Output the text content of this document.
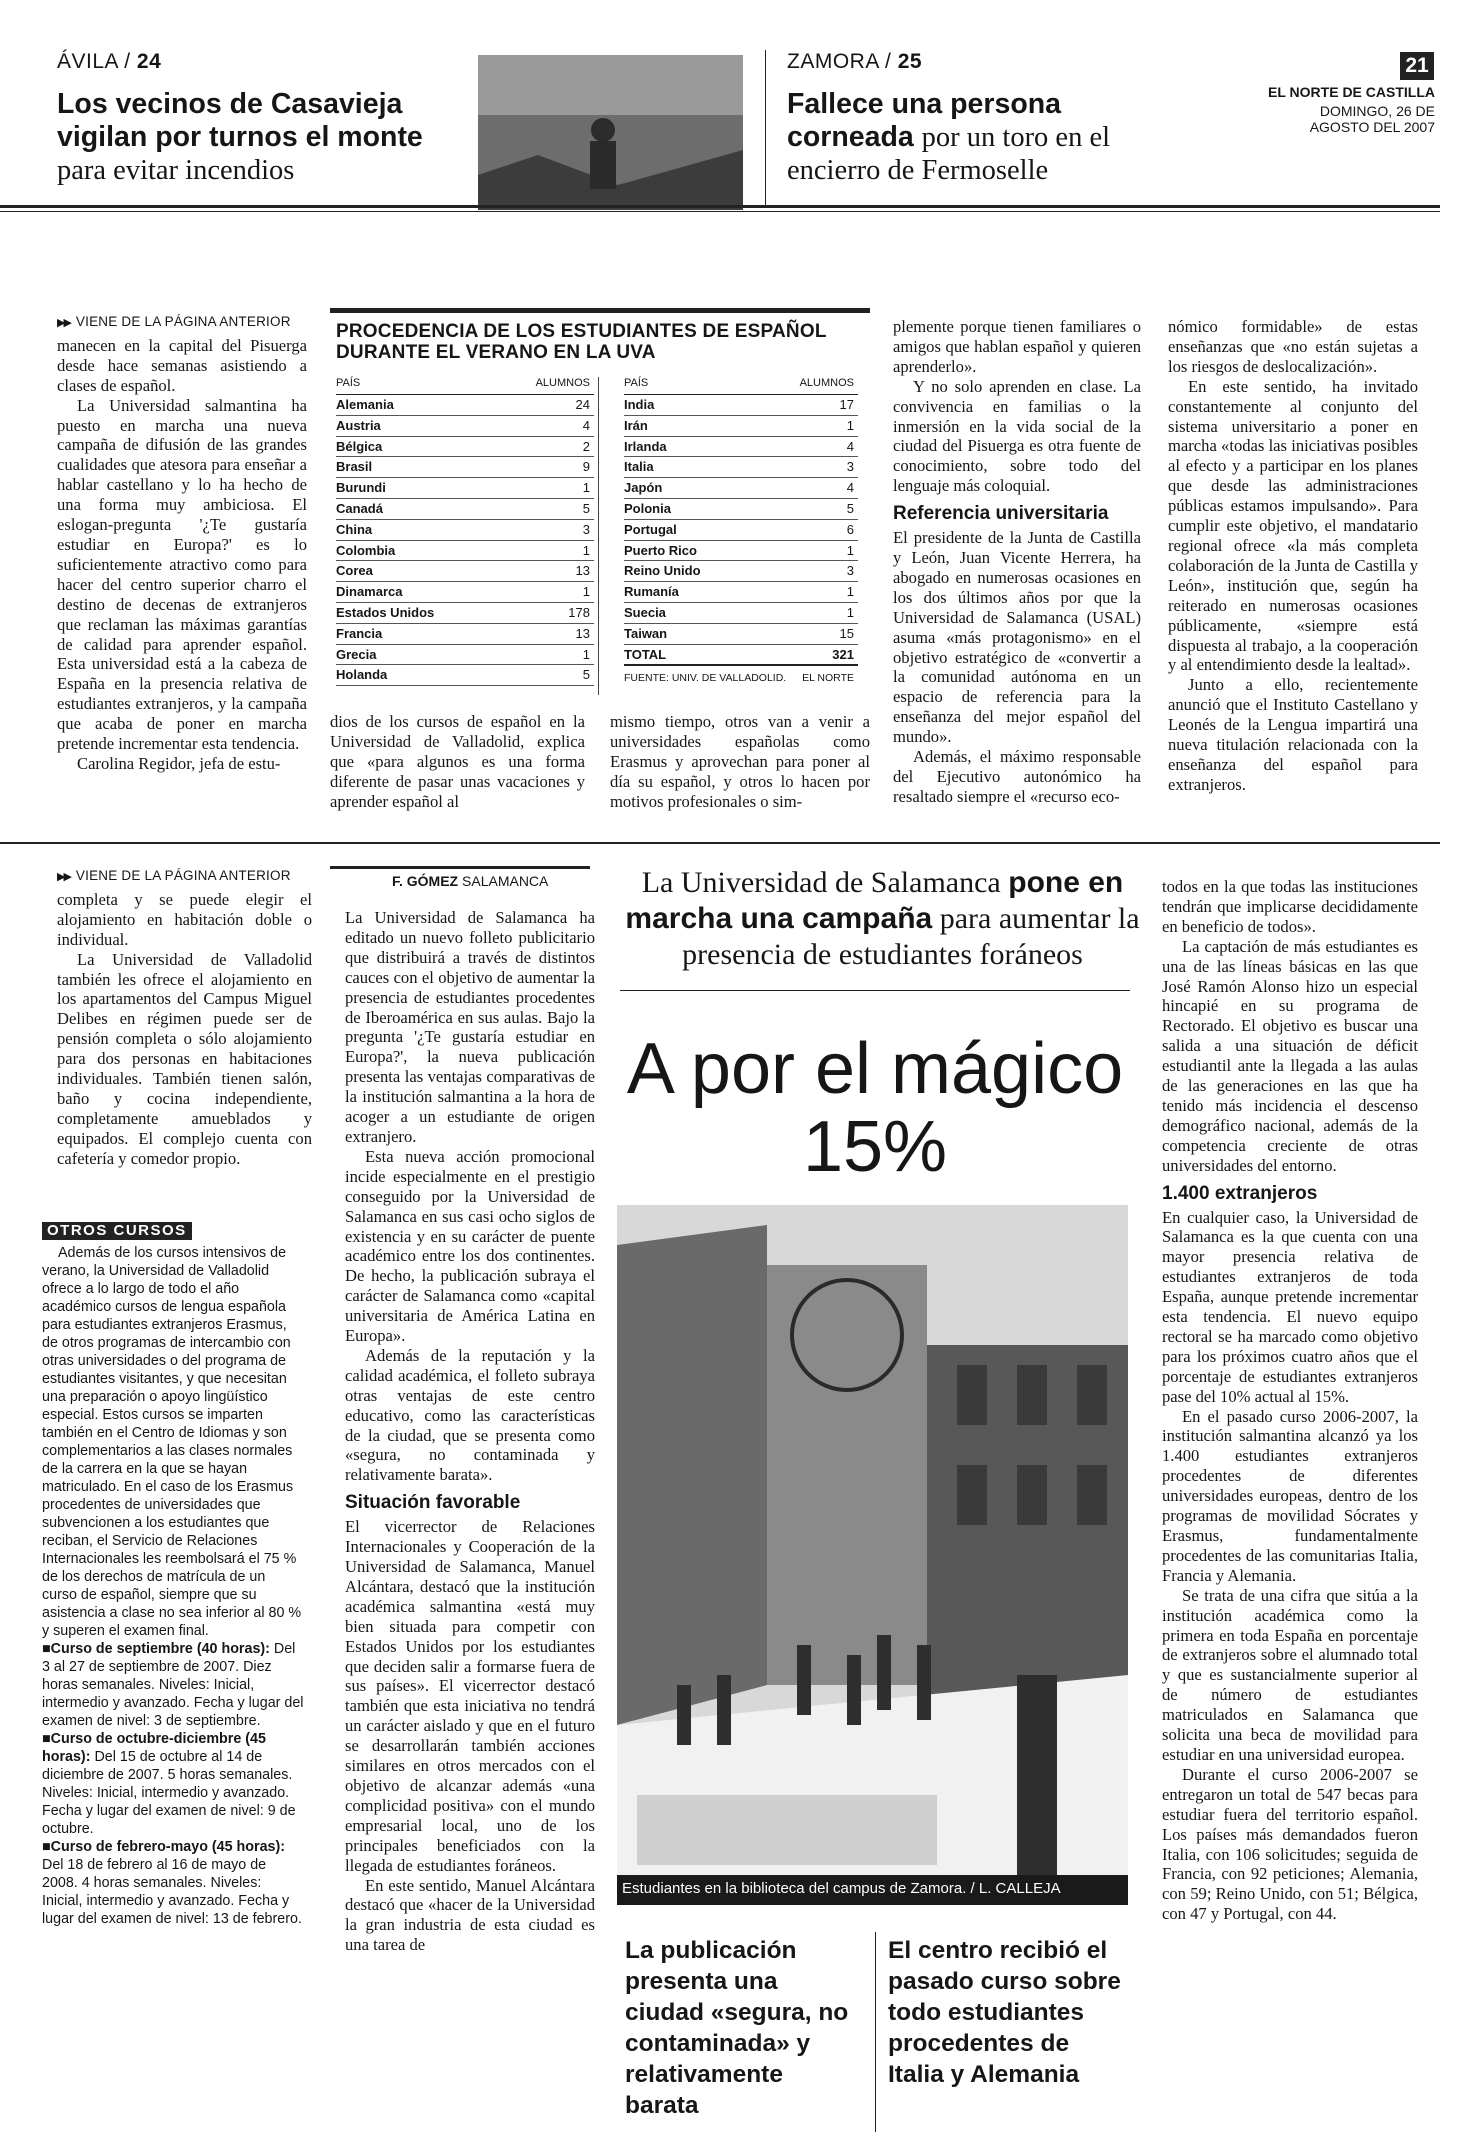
ÁVILA / 24
Los vecinos de Casavieja vigilan por turnos el monte para evitar incendios
ZAMORA / 25
Fallece una persona corneada por un toro en el encierro de Fermoselle
21
EL NORTE DE CASTILLA
DOMINGO, 26 DE AGOSTO DEL 2007
▶▶ VIENE DE LA PÁGINA ANTERIOR

manecen en la capital del Pisuerga desde hace semanas asistiendo a clases de español.

La Universidad salmantina ha puesto en marcha una nueva campaña de difusión de las grandes cualidades que atesora para enseñar a hablar castellano y lo ha hecho de una forma muy ambiciosa. El eslogan-pregunta '¿Te gustaría estudiar en Europa?' es lo suficientemente atractivo como para hacer del centro superior charro el destino de decenas de extranjeros que reclaman las máximas garantías de calidad para aprender español. Esta universidad está a la cabeza de España en la presencia relativa de estudiantes extranjeros, y la campaña que acaba de poner en marcha pretende incrementar esta tendencia.

Carolina Regidor, jefa de estu-

PROCEDENCIA DE LOS ESTUDIANTES DE ESPAÑOL DURANTE EL VERANO EN LA UVA
PAÍS	ALUMNOS
Alemania	24
Austria	4
Bélgica	2
Brasil	9
Burundi	1
Canadá	5
China	3
Colombia	1
Corea	13
Dinamarca	1
Estados Unidos	178
Francia	13
Grecia	1
Holanda	5
PAÍS	ALUMNOS
India	17
Irán	1
Irlanda	4
Italia	3
Japón	4
Polonia	5
Portugal	6
Puerto Rico	1
Reino Unido	3
Rumanía	1
Suecia	1
Taiwan	15
TOTAL	321
FUENTE: UNIV. DE VALLADOLID. EL NORTE

dios de los cursos de español en la Universidad de Valladolid, explica que «para algunos es una forma diferente de pasar unas vacaciones y aprender español al

mismo tiempo, otros van a venir a universidades españolas como Erasmus y aprovechan para poner al día su español, y otros lo hacen por motivos profesionales o sim-

plemente porque tienen familiares o amigos que hablan español y quieren aprenderlo».

Y no solo aprenden en clase. La convivencia en familias o la inmersión en la vida social de la ciudad del Pisuerga es otra fuente de conocimiento, sobre todo del lenguaje más coloquial.

Referencia universitaria

El presidente de la Junta de Castilla y León, Juan Vicente Herrera, ha abogado en numerosas ocasiones en los dos últimos años por que la Universidad de Salamanca (USAL) asuma «más protagonismo» en el objetivo estratégico de «convertir a la comunidad autónoma en un espacio de referencia para la enseñanza del mejor español del mundo».

Además, el máximo responsable del Ejecutivo autonómico ha resaltado siempre el «recurso eco-

nómico formidable» de estas enseñanzas que «no están sujetas a los riesgos de deslocalización».

En este sentido, ha invitado constantemente al conjunto del sistema universitario a poner en marcha «todas las iniciativas posibles al efecto y a participar en los planes que desde las administraciones públicas estamos impulsando». Para cumplir este objetivo, el mandatario regional ofrece «la más completa colaboración de la Junta de Castilla y León», institución que, según ha reiterado en numerosas ocasiones públicamente, «siempre está dispuesta al trabajo, a la cooperación y al entendimiento desde la lealtad».

Junto a ello, recientemente anunció que el Instituto Castellano y Leonés de la Lengua impartirá una nueva titulación relacionada con la enseñanza del español para extranjeros.

▶▶ VIENE DE LA PÁGINA ANTERIOR

completa y se puede elegir el alojamiento en habitación doble o individual.

La Universidad de Valladolid también les ofrece el alojamiento en los apartamentos del Campus Miguel Delibes en régimen puede ser de pensión completa o sólo alojamiento para dos personas en habitaciones individuales. También tienen salón, baño y cocina independiente, completamente amueblados y equipados. El complejo cuenta con cafetería y comedor propio.

OTROS CURSOS

Además de los cursos intensivos de verano, la Universidad de Valladolid ofrece a lo largo de todo el año académico cursos de lengua española para estudiantes extranjeros Erasmus, de otros programas de intercambio con otras universidades o del programa de estudiantes visitantes, y que necesitan una preparación o apoyo lingüístico especial. Estos cursos se imparten también en el Centro de Idiomas y son complementarios a las clases normales de la carrera en la que se hayan matriculado. En el caso de los Erasmus procedentes de universidades que subvencionen a los estudiantes que reciban, el Servicio de Relaciones Internacionales les reembolsará el 75 % de los derechos de matrícula de un curso de español, siempre que su asistencia a clase no sea inferior al 80 % y superen el examen final.

■Curso de septiembre (40 horas): Del 3 al 27 de septiembre de 2007. Diez horas semanales. Niveles: Inicial, intermedio y avanzado. Fecha y lugar del examen de nivel: 3 de septiembre.

■Curso de octubre-diciembre (45 horas): Del 15 de octubre al 14 de diciembre de 2007. 5 horas semanales. Niveles: Inicial, intermedio y avanzado. Fecha y lugar del examen de nivel: 9 de octubre.

■Curso de febrero-mayo (45 horas): Del 18 de febrero al 16 de mayo de 2008. 4 horas semanales. Niveles: Inicial, intermedio y avanzado. Fecha y lugar del examen de nivel: 13 de febrero.

F. GÓMEZ SALAMANCA

La Universidad de Salamanca ha editado un nuevo folleto publicitario que distribuirá a través de distintos cauces con el objetivo de aumentar la presencia de estudiantes procedentes de Iberoamérica en sus aulas. Bajo la pregunta '¿Te gustaría estudiar en Europa?', la nueva publicación presenta las ventajas comparativas de la institución salmantina a la hora de acoger a un estudiante de origen extranjero.

Esta nueva acción promocional incide especialmente en el prestigio conseguido por la Universidad de Salamanca en sus casi ocho siglos de existencia y en su carácter de puente académico entre los dos continentes. De hecho, la publicación subraya el carácter de Salamanca como «capital universitaria de América Latina en Europa».

Además de la reputación y la calidad académica, el folleto subraya otras ventajas de este centro educativo, como las características de la ciudad, que se presenta como «segura, no contaminada y relativamente barata».

Situación favorable

El vicerrector de Relaciones Internacionales y Cooperación de la Universidad de Salamanca, Manuel Alcántara, destacó que la institución académica salmantina «está muy bien situada para competir con Estados Unidos por los estudiantes que deciden salir a formarse fuera de sus países». El vicerrector destacó también que esta iniciativa no tendrá un carácter aislado y que en el futuro se desarrollarán también acciones similares en otros mercados con el objetivo de alcanzar además «una complicidad positiva» con el mundo empresarial local, uno de los principales beneficiados con la llegada de estudiantes foráneos.

En este sentido, Manuel Alcántara destacó que «hacer de la Universidad la gran industria de esta ciudad es una tarea de

La Universidad de Salamanca pone en marcha una campaña para aumentar la presencia de estudiantes foráneos
A por el mágico 15%
Estudiantes en la biblioteca del campus de Zamora. / L. CALLEJA
La publicación presenta una ciudad «segura, no contaminada» y relativamente barata
El centro recibió el pasado curso sobre todo estudiantes procedentes de Italia y Alemania

todos en la que todas las instituciones tendrán que implicarse decididamente en beneficio de todos».

La captación de más estudiantes es una de las líneas básicas en las que José Ramón Alonso hizo un especial hincapié en su programa de Rectorado. El objetivo es buscar una salida a una situación de déficit estudiantil ante la llegada a las aulas de las generaciones en las que ha tenido más incidencia el descenso demográfico nacional, además de la competencia creciente de otras universidades del entorno.

1.400 extranjeros

En cualquier caso, la Universidad de Salamanca es la que cuenta con una mayor presencia relativa de estudiantes extranjeros de toda España, aunque pretende incrementar esta tendencia. El nuevo equipo rectoral se ha marcado como objetivo para los próximos cuatro años que el porcentaje de estudiantes extranjeros pase del 10% actual al 15%.

En el pasado curso 2006-2007, la institución salmantina alcanzó ya los 1.400 estudiantes extranjeros procedentes de diferentes universidades europeas, dentro de los programas de movilidad Sócrates y Erasmus, fundamentalmente procedentes de las comunitarias Italia, Francia y Alemania.

Se trata de una cifra que sitúa a la institución académica como la primera en toda España en porcentaje de extranjeros sobre el alumnado total y que es sustancialmente superior al de número de estudiantes matriculados en Salamanca que solicita una beca de movilidad para estudiar en una universidad europea.

Durante el curso 2006-2007 se entregaron un total de 547 becas para estudiar fuera del territorio español. Los países más demandados fueron Italia, con 106 solicitudes; seguida de Francia, con 92 peticiones; Alemania, con 59; Reino Unido, con 51; Bélgica, con 47 y Portugal, con 44.
